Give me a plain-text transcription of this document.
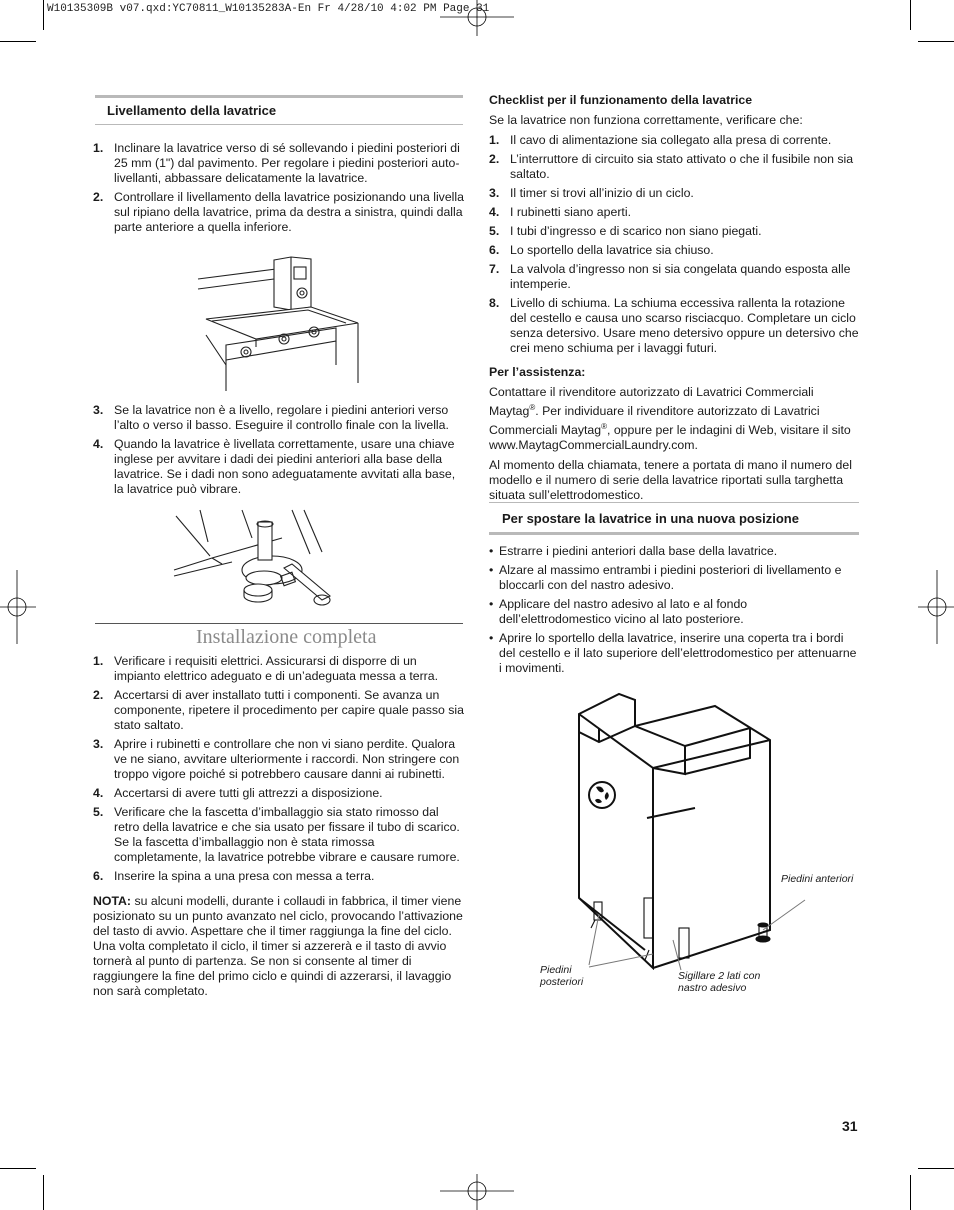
W10135309B v07.qxd:YC70811_W10135283A-En Fr 4/28/10 4:02 PM Page 31
Livellamento della lavatrice
1. Inclinare la lavatrice verso di sé sollevando i piedini posteriori di 25 mm (1") dal pavimento. Per regolare i piedini posteriori auto-livellanti, abbassare delicatamente la lavatrice.
2. Controllare il livellamento della lavatrice posizionando una livella sul ripiano della lavatrice, prima da destra a sinistra, quindi dalla parte anteriore a quella inferiore.
3. Se la lavatrice non è a livello, regolare i piedini anteriori verso l’alto o verso il basso. Eseguire il controllo finale con la livella.
4. Quando la lavatrice è livellata correttamente, usare una chiave inglese per avvitare i dadi dei piedini anteriori alla base della lavatrice. Se i dadi non sono adeguatamente avvitati alla base, la lavatrice può vibrare.
Installazione completa
1. Verificare i requisiti elettrici. Assicurarsi di disporre di un impianto elettrico adeguato e di un’adeguata messa a terra.
2. Accertarsi di aver installato tutti i componenti. Se avanza un componente, ripetere il procedimento per capire quale passo sia stato saltato.
3. Aprire i rubinetti e controllare che non vi siano perdite. Qualora ve ne siano, avvitare ulteriormente i raccordi. Non stringere con troppo vigore poiché si potrebbero causare danni ai rubinetti.
4. Accertarsi di avere tutti gli attrezzi a disposizione.
5. Verificare che la fascetta d’imballaggio sia stato rimosso dal retro della lavatrice e che sia usato per fissare il tubo di scarico. Se la fascetta d’imballaggio non è stata rimossa completamente, la lavatrice potrebbe vibrare e causare rumore.
6. Inserire la spina a una presa con messa a terra.

NOTA: su alcuni modelli, durante i collaudi in fabbrica, il timer viene posizionato su un punto avanzato nel ciclo, provocando l’attivazione del tasto di avvio. Aspettare che il timer raggiunga la fine del ciclo. Una volta completato il ciclo, il timer si azzererà e il tasto di avvio tornerà al punto di partenza. Se non si consente al timer di raggiungere la fine del primo ciclo e quindi di azzerarsi, il lavaggio non sarà completato.

Checklist per il funzionamento della lavatrice

Se la lavatrice non funziona correttamente, verificare che:

1. Il cavo di alimentazione sia collegato alla presa di corrente.
2. L’interruttore di circuito sia stato attivato o che il fusibile non sia saltato.
3. Il timer si trovi all’inizio di un ciclo.
4. I rubinetti siano aperti.
5. I tubi d’ingresso e di scarico non siano piegati.
6. Lo sportello della lavatrice sia chiuso.
7. La valvola d’ingresso non si sia congelata quando esposta alle intemperie.
8. Livello di schiuma. La schiuma eccessiva rallenta la rotazione del cestello e causa uno scarso risciacquo. Completare un ciclo senza detersivo. Usare meno detersivo oppure un detersivo che crei meno schiuma per i lavaggi futuri.

Per l’assistenza:

Contattare il rivenditore autorizzato di Lavatrici Commerciali Maytag®. Per individuare il rivenditore autorizzato di Lavatrici Commerciali Maytag®, oppure per le indagini di Web, visitare il sito www.MaytagCommercialLaundry.com.

Al momento della chiamata, tenere a portata di mano il numero del modello e il numero di serie della lavatrice riportati sulla targhetta situata sull’elettrodomestico.

Per spostare la lavatrice in una nuova posizione
• Estrarre i piedini anteriori dalla base della lavatrice.
• Alzare al massimo entrambi i piedini posteriori di livellamento e bloccarli con del nastro adesivo.
• Applicare del nastro adesivo al lato e al fondo dell’elettrodomestico vicino al lato posteriore.
• Aprire lo sportello della lavatrice, inserire una coperta tra i bordi del cestello e il lato superiore dell’elettrodomestico per attenuarne i movimenti.
Piedini anteriori
Piedini posteriori	Sigillare 2 lati con nastro adesivo
31
